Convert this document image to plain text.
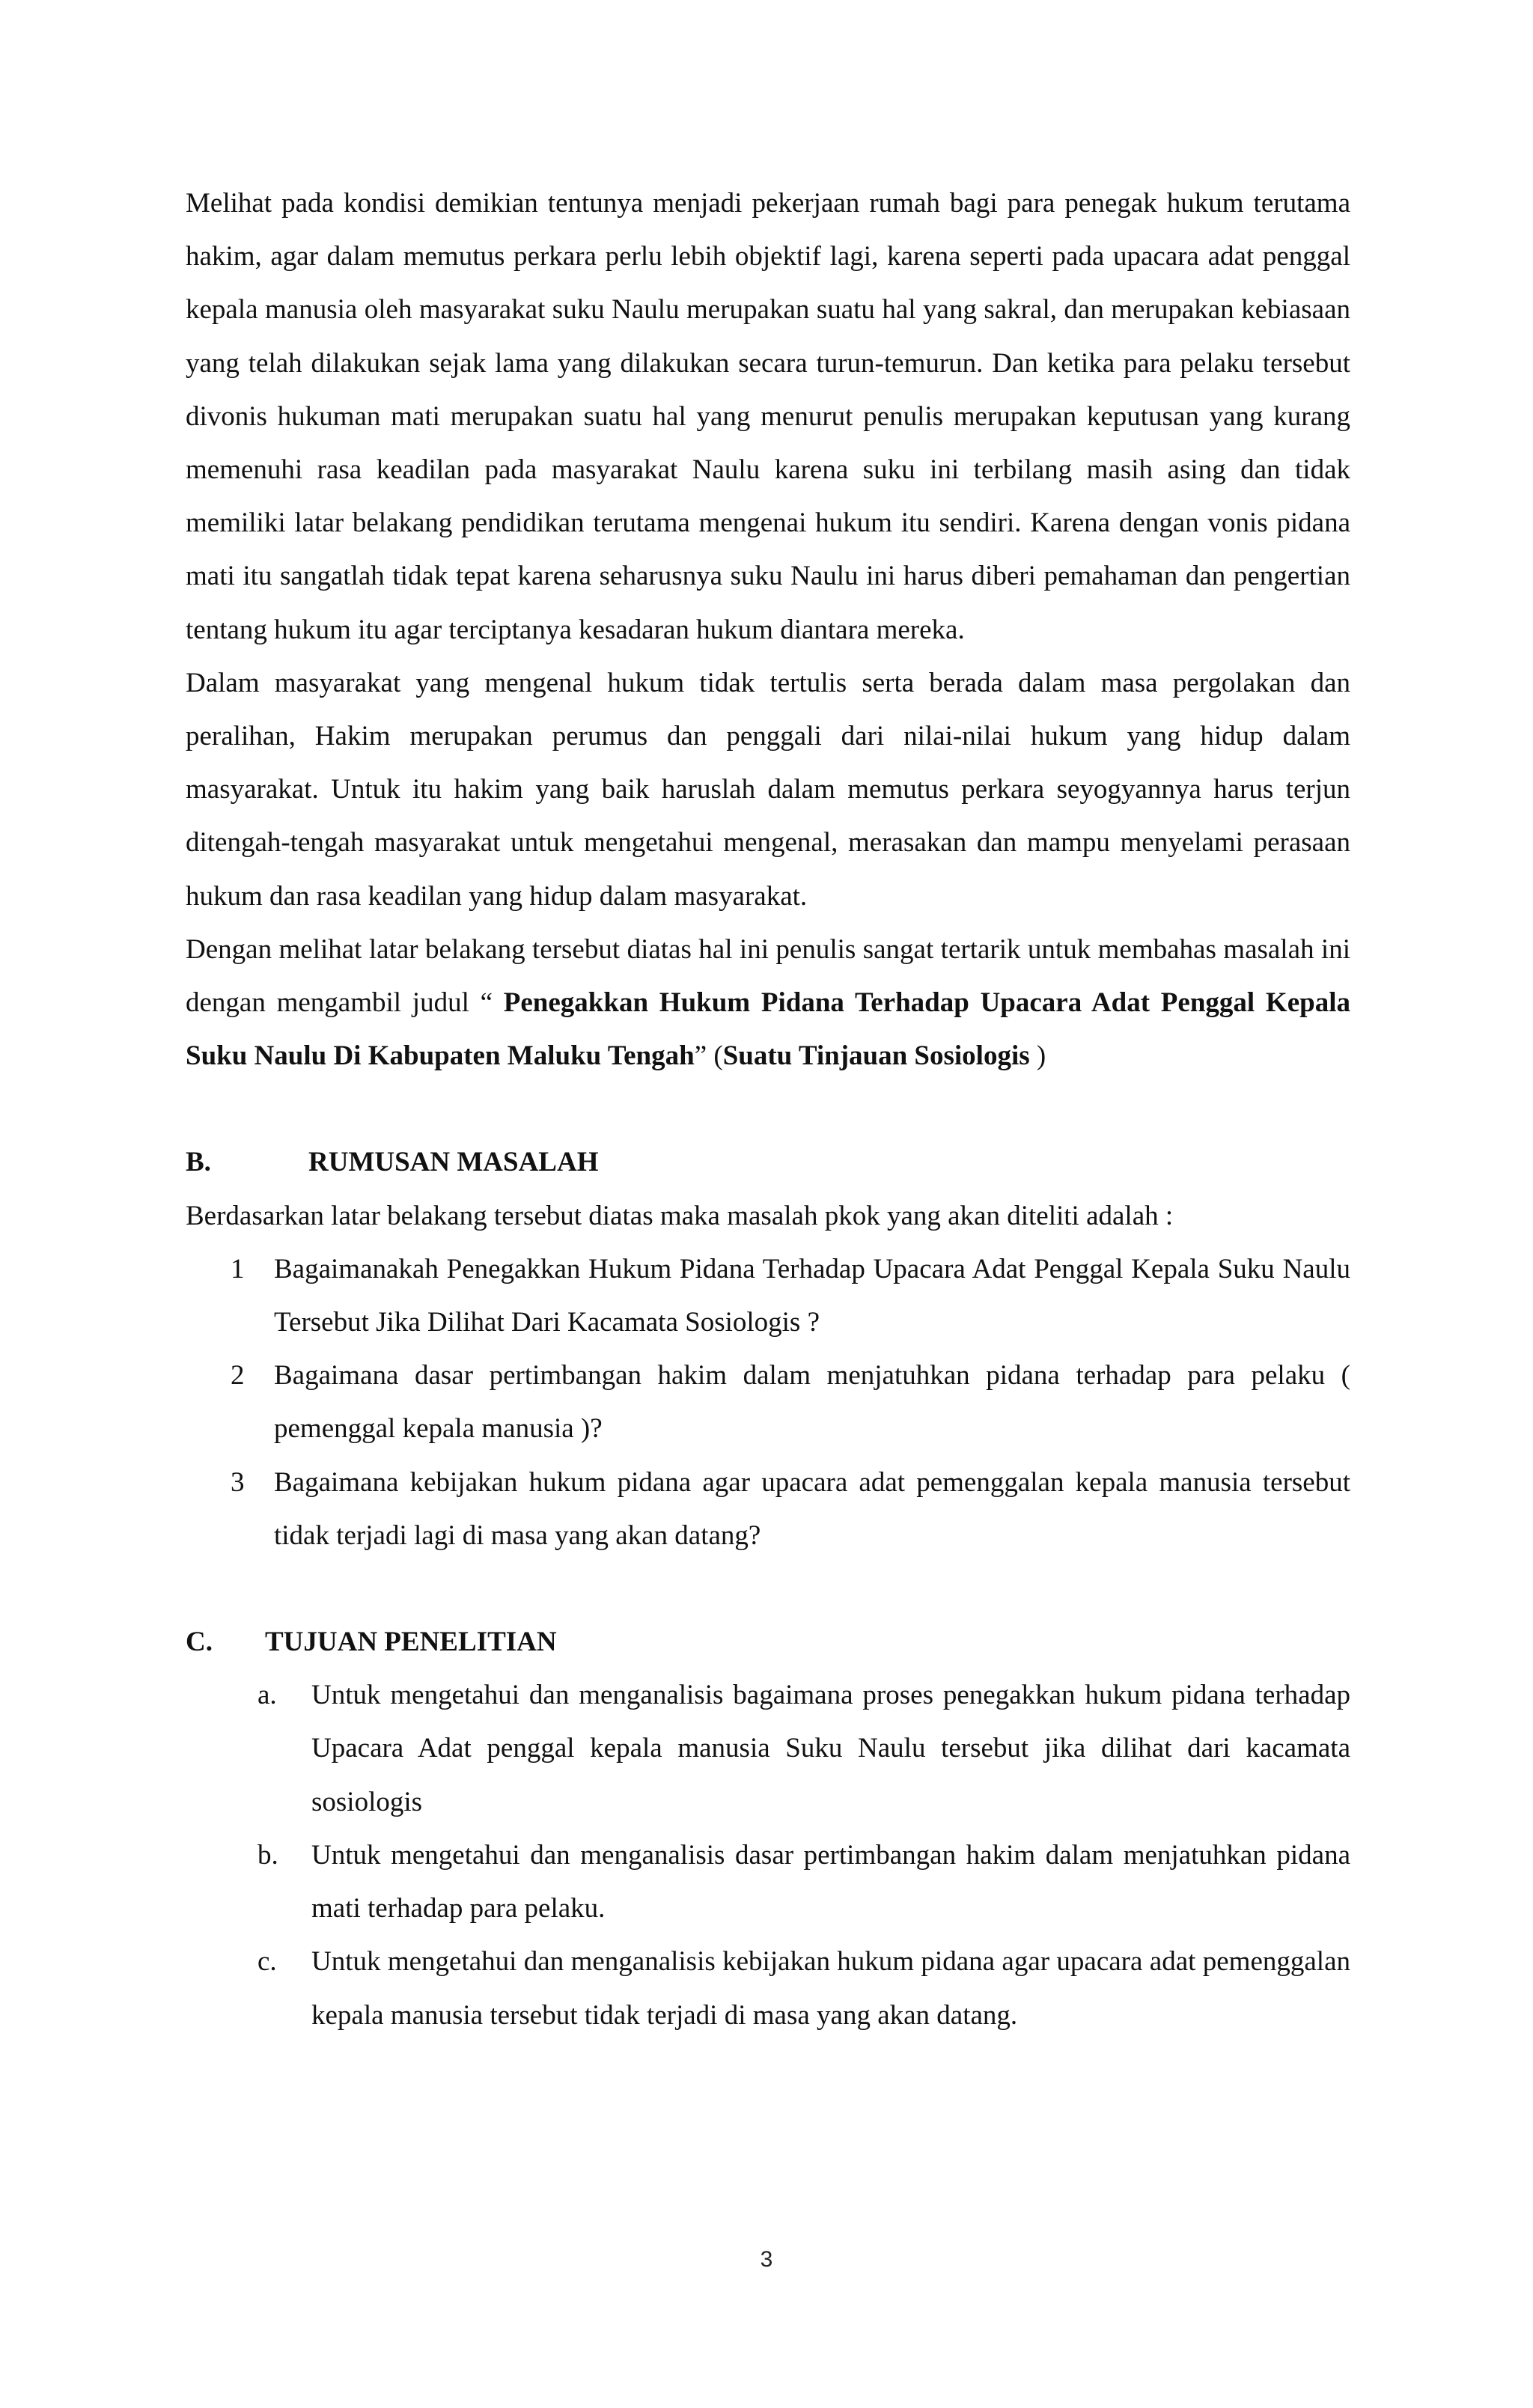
Melihat pada kondisi demikian tentunya menjadi pekerjaan rumah bagi para penegak hukum terutama hakim, agar dalam memutus perkara perlu lebih objektif lagi, karena seperti pada upacara adat penggal kepala manusia oleh masyarakat suku Naulu merupakan suatu hal yang sakral, dan merupakan kebiasaan yang telah dilakukan sejak lama yang dilakukan secara turun-temurun. Dan ketika para pelaku tersebut divonis hukuman mati merupakan suatu hal yang menurut penulis merupakan keputusan yang kurang memenuhi rasa keadilan pada masyarakat Naulu karena suku ini terbilang masih asing dan tidak memiliki latar belakang pendidikan terutama mengenai hukum itu sendiri. Karena dengan vonis pidana mati itu sangatlah tidak tepat karena seharusnya suku Naulu ini harus diberi pemahaman dan pengertian tentang hukum itu agar terciptanya kesadaran hukum diantara mereka.

Dalam masyarakat yang mengenal hukum tidak tertulis serta berada dalam masa pergolakan dan peralihan, Hakim merupakan perumus dan penggali dari nilai-nilai hukum yang hidup dalam masyarakat. Untuk itu hakim yang baik haruslah dalam memutus perkara seyogyannya harus terjun ditengah-tengah masyarakat untuk mengetahui mengenal, merasakan dan mampu menyelami perasaan hukum dan rasa keadilan yang hidup dalam masyarakat.

Dengan melihat latar belakang tersebut diatas hal ini penulis sangat tertarik untuk membahas masalah ini dengan mengambil judul “ Penegakkan Hukum Pidana Terhadap Upacara Adat Penggal Kepala Suku Naulu Di Kabupaten Maluku Tengah” (Suatu Tinjauan Sosiologis )

B.	RUMUSAN MASALAH

Berdasarkan latar belakang tersebut diatas maka masalah pkok yang akan diteliti adalah :

1	Bagaimanakah Penegakkan Hukum Pidana Terhadap Upacara Adat Penggal Kepala Suku Naulu Tersebut Jika Dilihat Dari Kacamata Sosiologis ?
2	Bagaimana dasar pertimbangan hakim dalam menjatuhkan pidana terhadap para pelaku ( pemenggal kepala manusia )?
3	Bagaimana kebijakan hukum pidana agar upacara adat pemenggalan kepala manusia tersebut tidak terjadi lagi di masa yang akan datang?
C.	TUJUAN PENELITIAN
a.	Untuk mengetahui dan menganalisis bagaimana proses penegakkan hukum pidana terhadap Upacara Adat penggal kepala manusia Suku Naulu tersebut jika dilihat dari kacamata sosiologis
b.	Untuk mengetahui dan menganalisis dasar pertimbangan hakim dalam menjatuhkan pidana mati terhadap para pelaku.
c.	Untuk mengetahui dan menganalisis kebijakan hukum pidana agar upacara adat pemenggalan kepala manusia tersebut tidak terjadi di masa yang akan datang.
3
